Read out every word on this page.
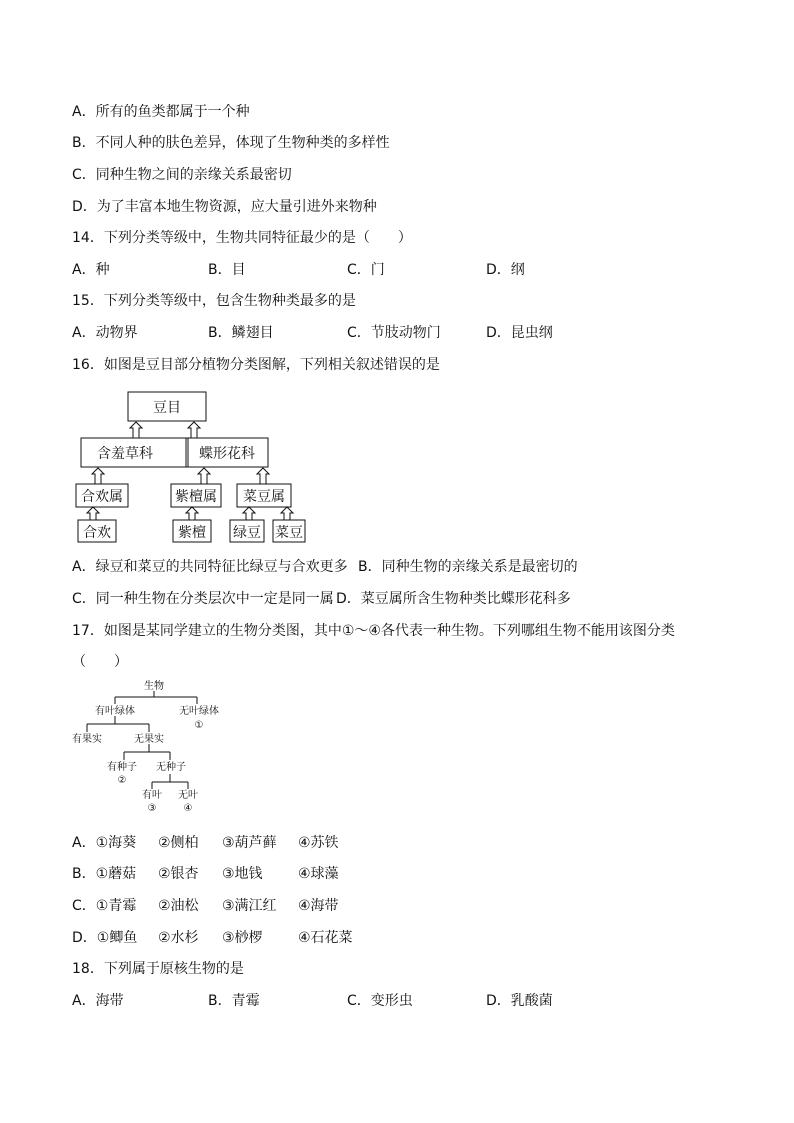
A．所有的鱼类都属于一个种
B．不同人种的肤色差异，体现了生物种类的多样性
C．同种生物之间的亲缘关系最密切
D．为了丰富本地生物资源，应大量引进外来物种
14．下列分类等级中，生物共同特征最少的是（　　）
A．种	B．目	C．门	D．纲
15．下列分类等级中，包含生物种类最多的是
A．动物界	B．鳞翅目	C．节肢动物门	D．昆虫纲
16．如图是豆目部分植物分类图解，下列相关叙述错误的是
豆目
含羞草科	蝶形花科
合欢属	紫檀属 菜豆属
合欢	紫檀 绿豆 菜豆
A．绿豆和菜豆的共同特征比绿豆与合欢更多 B．同种生物的亲缘关系是最密切的
C．同一种生物在分类层次中一定是同一属 D．菜豆属所含生物种类比蝶形花科多
17．如图是某同学建立的生物分类图，其中①～④各代表一种生物。下列哪组生物不能用该图分类
（　　）
生物
有叶绿体	无叶绿体
①
有果实	无果实
有种子
②
无种子
有叶
③
无叶
④
A．①海葵 ②侧柏 ③葫芦藓 ④苏铁
B．①蘑菇 ②银杏 ③地钱	④球藻
C．①青霉 ②油松 ③满江红 ④海带
D．①鲫鱼 ②水杉 ③桫椤	④石花菜
18．下列属于原核生物的是
A．海带	B．青霉	C．变形虫	D．乳酸菌
